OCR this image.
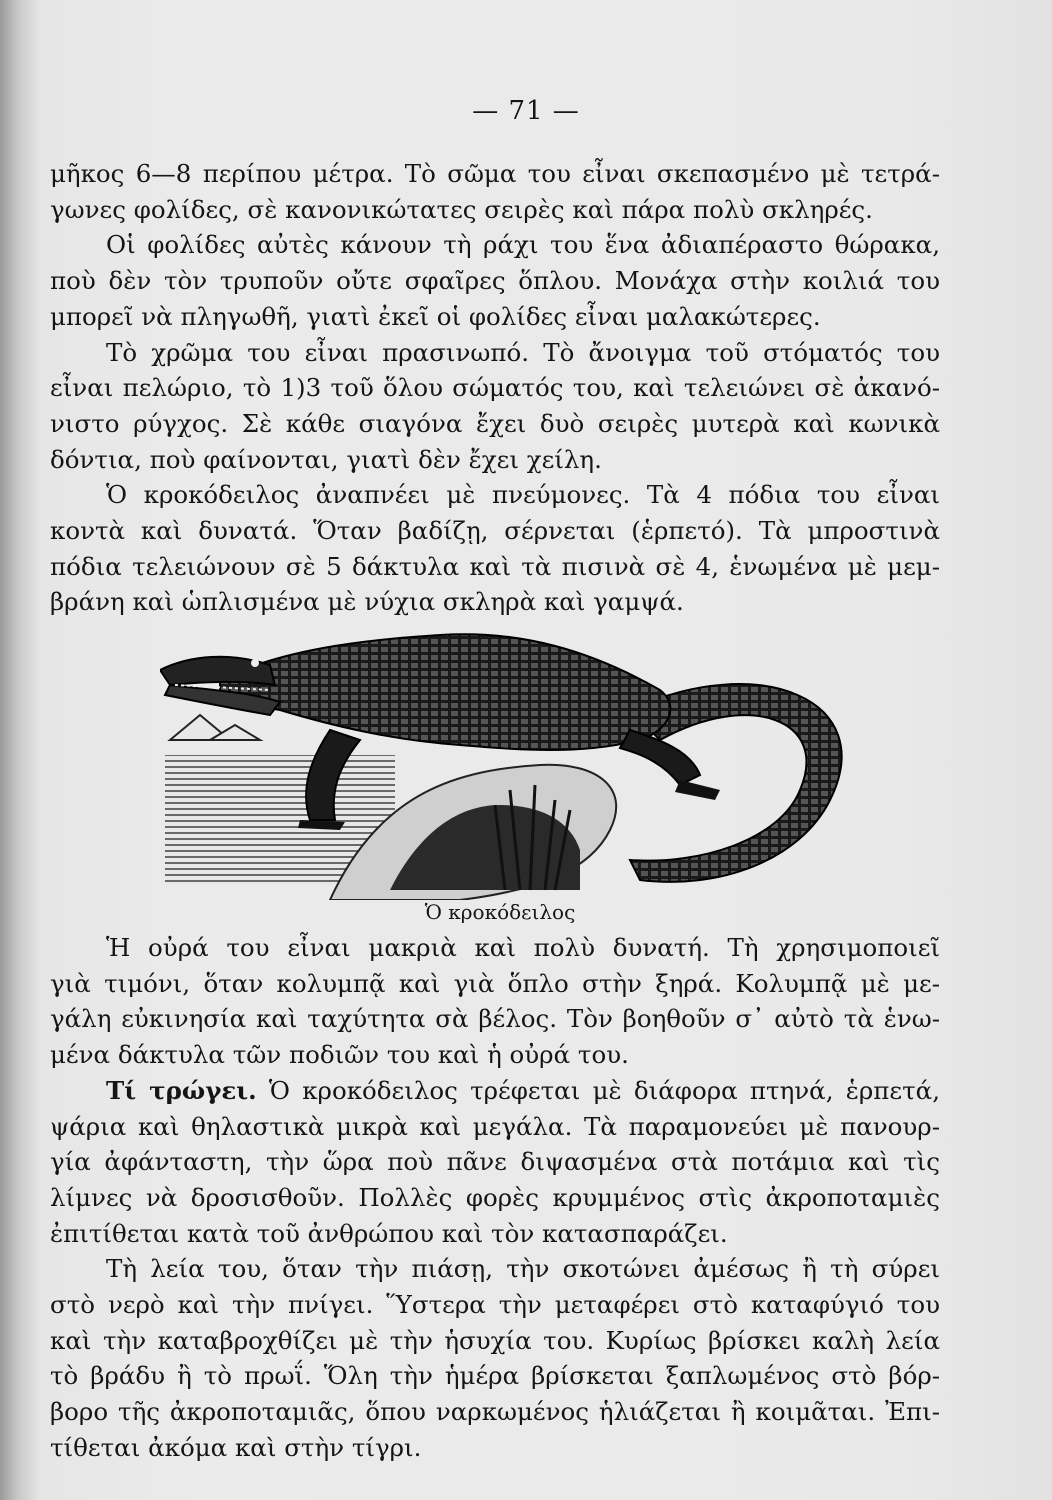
— 71 —
μῆκος 6—8 περίπου μέτρα. Τὸ σῶμα του εἶναι σκεπασμένο μὲ τετρά-
γωνες φολίδες, σὲ κανονικώτατες σειρὲς καὶ πάρα πολὺ σκληρές.
Οἱ φολίδες αὐτὲς κάνουν τὴ ράχι του ἕνα ἀδιαπέραστο θώρακα,
ποὺ δὲν τὸν τρυποῦν οὔτε σφαῖρες ὅπλου. Μονάχα στὴν κοιλιά του
μπορεῖ νὰ πληγωθῆ, γιατὶ ἐκεῖ οἱ φολίδες εἶναι μαλακώτερες.
Τὸ χρῶμα του εἶναι πρασινωπό. Τὸ ἄνοιγμα τοῦ στόματός του
εἶναι πελώριο, τὸ 1)3 τοῦ ὅλου σώματός του, καὶ τελειώνει σὲ ἀκανό-
νιστο ρύγχος. Σὲ κάθε σιαγόνα ἔχει δυὸ σειρὲς μυτερὰ καὶ κωνικὰ
δόντια, ποὺ φαίνονται, γιατὶ δὲν ἔχει χείλη.
Ὁ κροκόδειλος ἀναπνέει μὲ πνεύμονες. Τὰ 4 πόδια του εἶναι
κοντὰ καὶ δυνατά. Ὅταν βαδίζῃ, σέρνεται (ἑρπετό). Τὰ μπροστινὰ
πόδια τελειώνουν σὲ 5 δάκτυλα καὶ τὰ πισινὰ σὲ 4, ἑνωμένα μὲ μεμ-
βράνη καὶ ὡπλισμένα μὲ νύχια σκληρὰ καὶ γαμψά.
Ὁ κροκόδειλος
Ἡ οὐρά του εἶναι μακριὰ καὶ πολὺ δυνατή. Τὴ χρησιμοποιεῖ
γιὰ τιμόνι, ὅταν κολυμπᾷ καὶ γιὰ ὅπλο στὴν ξηρά. Κολυμπᾷ μὲ με-
γάλη εὐκινησία καὶ ταχύτητα σὰ βέλος. Τὸν βοηθοῦν σ᾽ αὐτὸ τὰ ἑνω-
μένα δάκτυλα τῶν ποδιῶν του καὶ ἡ οὐρά του.
Τί τρώγει. Ὁ κροκόδειλος τρέφεται μὲ διάφορα πτηνά, ἑρπετά,
ψάρια καὶ θηλαστικὰ μικρὰ καὶ μεγάλα. Τὰ παραμονεύει μὲ πανουρ-
γία ἀφάνταστη, τὴν ὥρα ποὺ πᾶνε διψασμένα στὰ ποτάμια καὶ τὶς
λίμνες νὰ δροσισθοῦν. Πολλὲς φορὲς κρυμμένος στὶς ἀκροποταμιὲς
ἐπιτίθεται κατὰ τοῦ ἀνθρώπου καὶ τὸν κατασπαράζει.
Τὴ λεία του, ὅταν τὴν πιάσῃ, τὴν σκοτώνει ἀμέσως ἢ τὴ σύρει
στὸ νερὸ καὶ τὴν πνίγει. Ὕστερα τὴν μεταφέρει στὸ καταφύγιό του
καὶ τὴν καταβροχθίζει μὲ τὴν ἡσυχία του. Κυρίως βρίσκει καλὴ λεία
τὸ βράδυ ἢ τὸ πρωΐ. Ὅλη τὴν ἡμέρα βρίσκεται ξαπλωμένος στὸ βόρ-
βορο τῆς ἀκροποταμιᾶς, ὅπου ναρκωμένος ἡλιάζεται ἢ κοιμᾶται. Ἐπι-
τίθεται ἀκόμα καὶ στὴν τίγρι.
